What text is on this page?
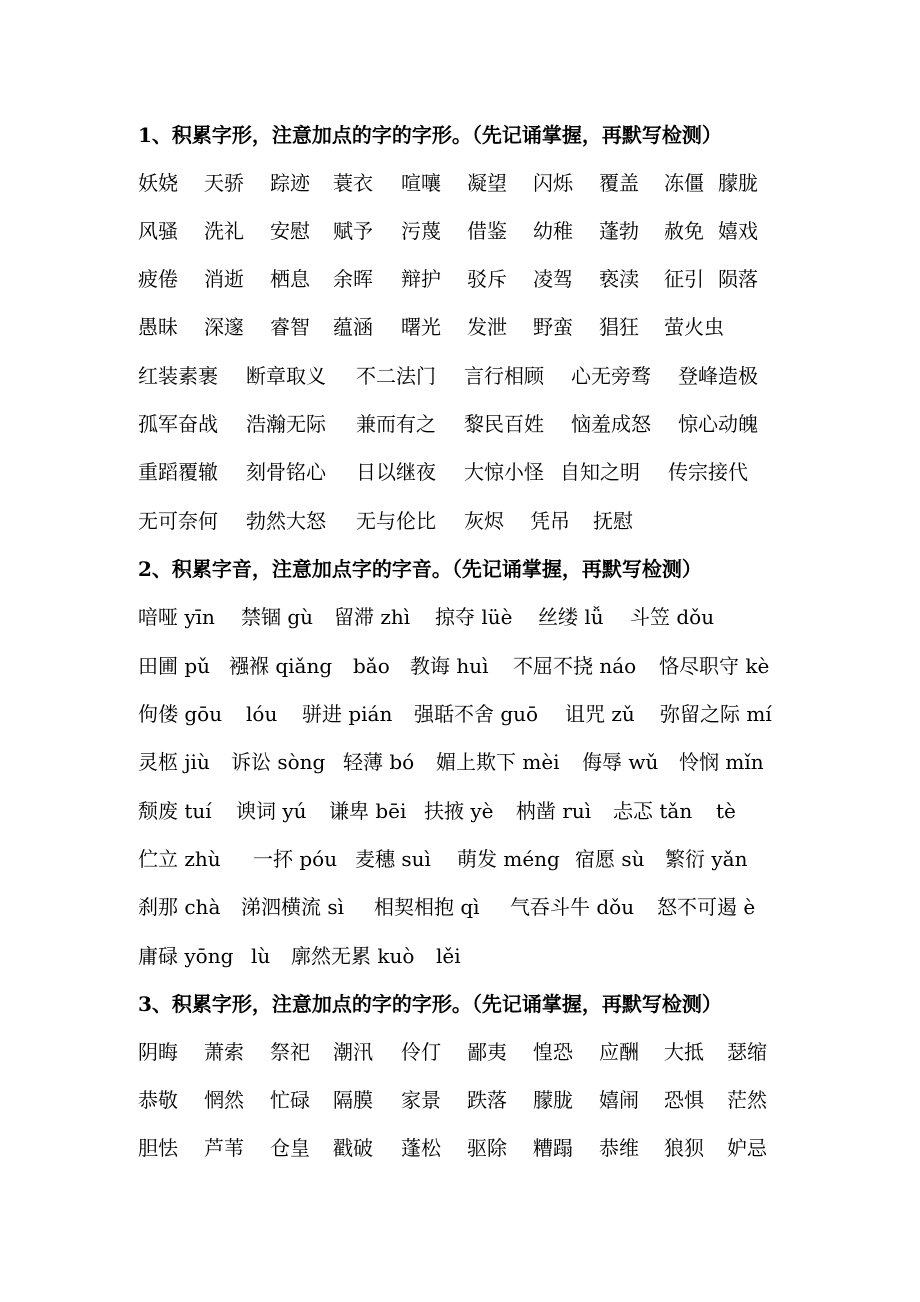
1、积累字形，注意加点的字的字形。（先记诵掌握，再默写检测）
妖娆 天骄 踪迹 蓑衣 喧嚷 凝望 闪烁 覆盖 冻僵 朦胧
风骚 洗礼 安慰 赋予 污蔑 借鉴 幼稚 蓬勃 赦免 嬉戏
疲倦 消逝 栖息 余晖 辩护 驳斥 凌驾 亵渎 征引 陨落
愚昧 深邃 睿智 蕴涵 曙光 发泄 野蛮 猖狂 萤火虫
红装素裹 断章取义 不二法门 言行相顾 心无旁骛 登峰造极
孤军奋战 浩瀚无际 兼而有之 黎民百姓 恼羞成怒 惊心动魄
重蹈覆辙 刻骨铭心 日以继夜 大惊小怪 自知之明 传宗接代
无可奈何 勃然大怒 无与伦比 灰烬 凭吊 抚慰
2、积累字音，注意加点字的字音。（先记诵掌握，再默写检测）
喑哑 yīn 禁锢 gù 留滞 zhì 掠夺 lüè 丝缕 lǚ 斗笠 dǒu
田圃 pǔ 襁褓 qiǎng bǎo 教诲 huì 不屈不挠 náo 恪尽职守 kè
佝偻 gōu lóu 骈进 pián 强聒不舍 guō 诅咒 zǔ 弥留之际 mí
灵柩 jiù 诉讼 sòng 轻薄 bó 媚上欺下 mèi 侮辱 wǔ 怜悯 mǐn
颓废 tuí 谀词 yú 谦卑 bēi 扶掖 yè 枘凿 ruì 忐忑 tǎn tè
伫立 zhù 一抔 póu 麦穗 suì 萌发 méng 宿愿 sù 繁衍 yǎn
刹那 chà 涕泗横流 sì 相契相抱 qì 气吞斗牛 dǒu 怒不可遏 è
庸碌 yōng lù 廓然无累 kuò lěi
3、积累字形，注意加点的字的字形。（先记诵掌握，再默写检测）
阴晦 萧索 祭祀 潮汛 伶仃 鄙夷 惶恐 应酬 大抵 瑟缩
恭敬 惘然 忙碌 隔膜 家景 跌落 朦胧 嬉闹 恐惧 茫然
胆怯 芦苇 仓皇 戳破 蓬松 驱除 糟蹋 恭维 狼狈 妒忌
